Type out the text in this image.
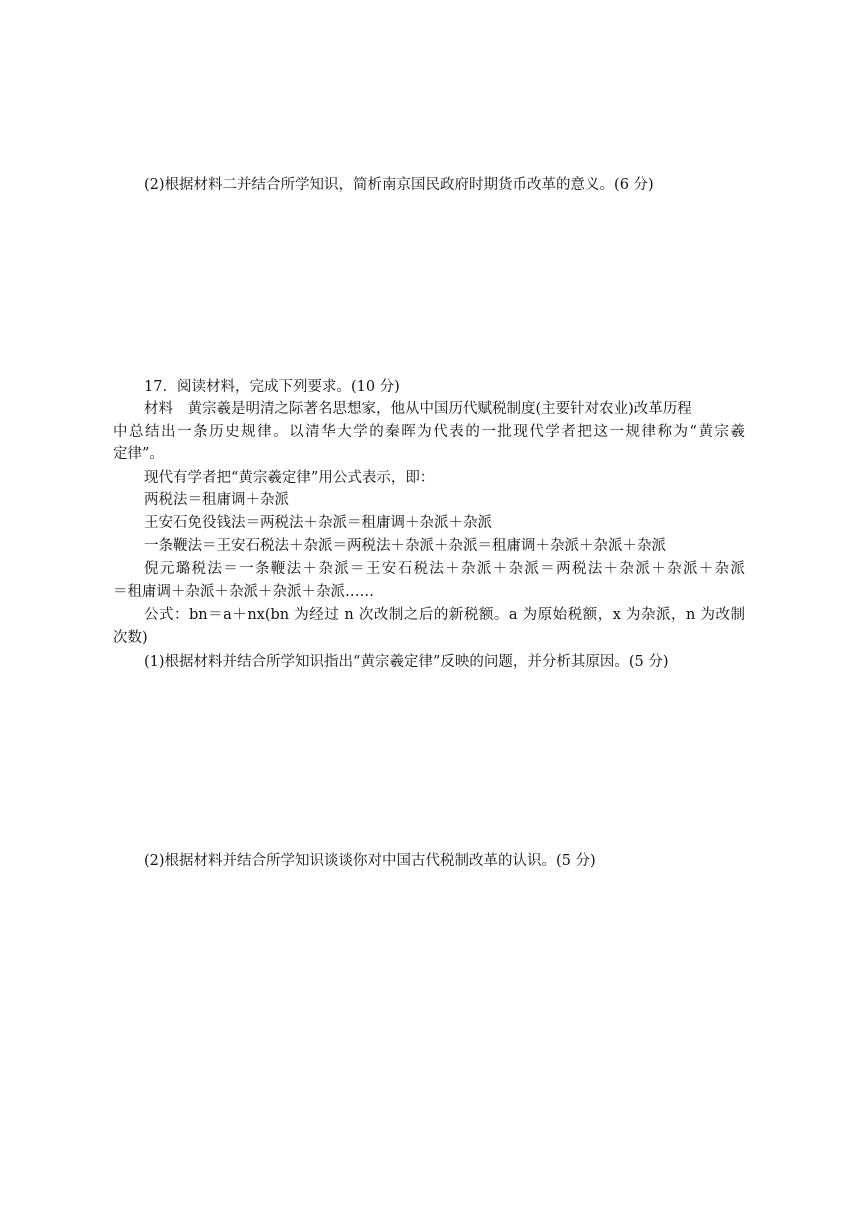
(2)根据材料二并结合所学知识，简析南京国民政府时期货币改革的意义。(6 分)
17．阅读材料，完成下列要求。(10 分)
材料　黄宗羲是明清之际著名思想家，他从中国历代赋税制度(主要针对农业)改革历程
中总结出一条历史规律。以清华大学的秦晖为代表的一批现代学者把这一规律称为“黄宗羲
定律”。
现代有学者把“黄宗羲定律”用公式表示，即：
两税法＝租庸调＋杂派
王安石免役钱法＝两税法＋杂派＝租庸调＋杂派＋杂派
一条鞭法＝王安石税法＋杂派＝两税法＋杂派＋杂派＝租庸调＋杂派＋杂派＋杂派
倪元璐税法＝一条鞭法＋杂派＝王安石税法＋杂派＋杂派＝两税法＋杂派＋杂派＋杂派
＝租庸调＋杂派＋杂派＋杂派＋杂派……
公式：bn＝a＋nx(bn 为经过 n 次改制之后的新税额。a 为原始税额，x 为杂派，n 为改制
次数)
(1)根据材料并结合所学知识指出“黄宗羲定律”反映的问题，并分析其原因。(5 分)
(2)根据材料并结合所学知识谈谈你对中国古代税制改革的认识。(5 分)
